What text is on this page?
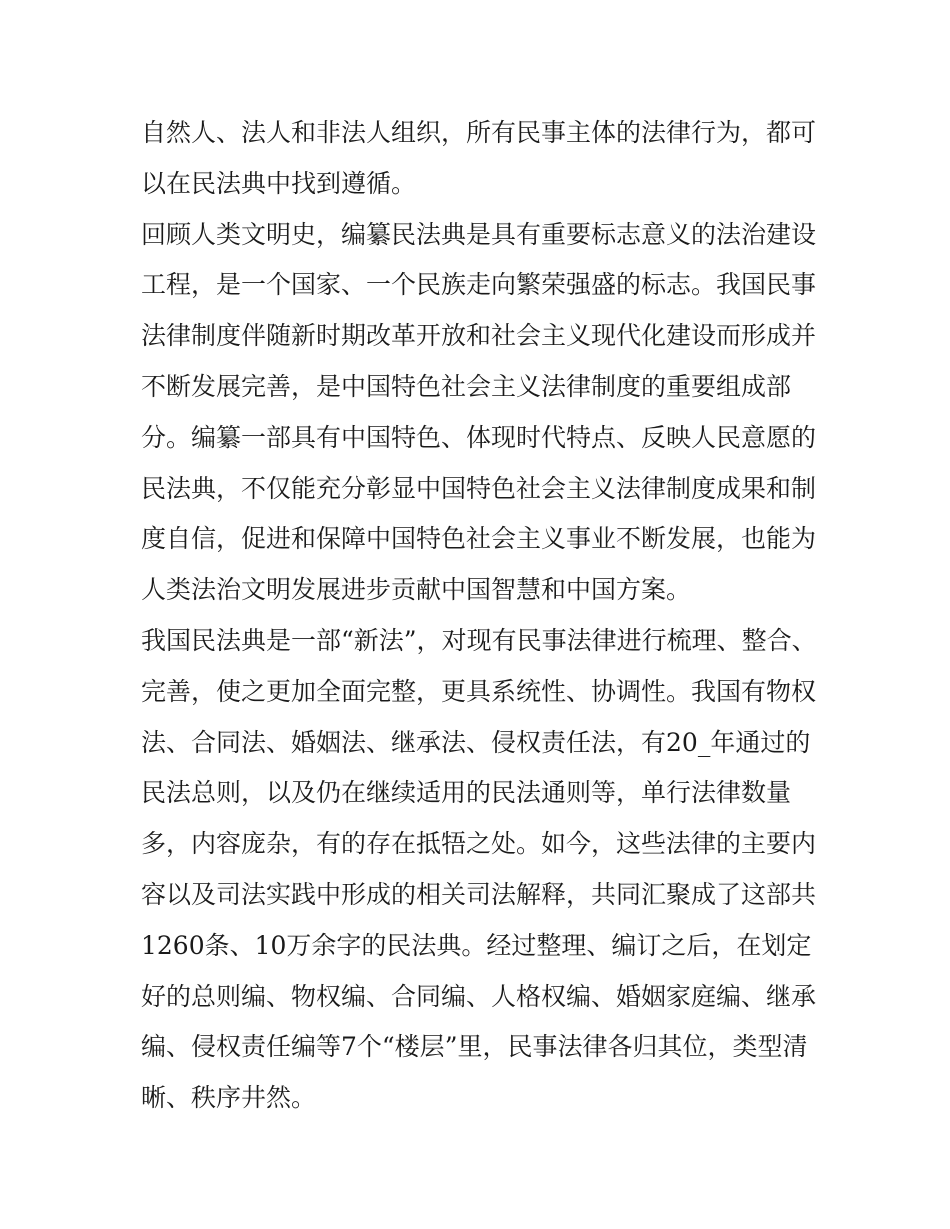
自然人、法人和非法人组织，所有民事主体的法律行为，都可
以在民法典中找到遵循。
回顾人类文明史，编纂民法典是具有重要标志意义的法治建设
工程，是一个国家、一个民族走向繁荣强盛的标志。我国民事
法律制度伴随新时期改革开放和社会主义现代化建设而形成并
不断发展完善，是中国特色社会主义法律制度的重要组成部
分。编纂一部具有中国特色、体现时代特点、反映人民意愿的
民法典，不仅能充分彰显中国特色社会主义法律制度成果和制
度自信，促进和保障中国特色社会主义事业不断发展，也能为
人类法治文明发展进步贡献中国智慧和中国方案。
我国民法典是一部“新法”，对现有民事法律进行梳理、整合、
完善，使之更加全面完整，更具系统性、协调性。我国有物权
法、合同法、婚姻法、继承法、侵权责任法，有20_年通过的
民法总则，以及仍在继续适用的民法通则等，单行法律数量
多，内容庞杂，有的存在抵牾之处。如今，这些法律的主要内
容以及司法实践中形成的相关司法解释，共同汇聚成了这部共
1260条、10万余字的民法典。经过整理、编订之后，在划定
好的总则编、物权编、合同编、人格权编、婚姻家庭编、继承
编、侵权责任编等7个“楼层”里，民事法律各归其位，类型清
晰、秩序井然。
